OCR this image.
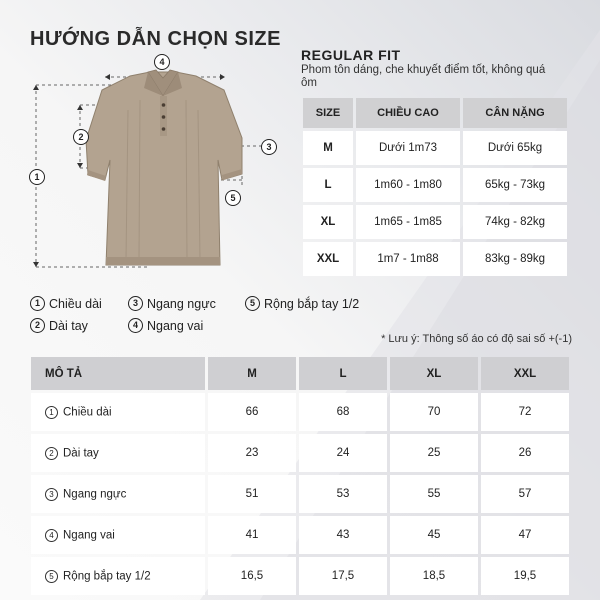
HƯỚNG DẪN CHỌN SIZE
4
1
2
3
5
REGULAR FIT
Phom tôn dáng, che khuyết điểm tốt, không quá ôm
SIZE	CHIỀU CAO	CÂN NẶNG
M	Dưới 1m73	Dưới 65kg
L	1m60 - 1m80	65kg - 73kg
XL	1m65 - 1m85	74kg - 82kg
XXL	1m7 - 1m88	83kg - 89kg
1 Chiều dài
2 Dài tay
3 Ngang ngực
4 Ngang vai
5 Rộng bắp tay 1/2
* Lưu ý: Thông số áo có độ sai số +(-1)
MÔ TẢ	M	L	XL	XXL
1 Chiều dài	66	68	70	72
2 Dài tay	23	24	25	26
3 Ngang ngực	51	53	55	57
4 Ngang vai	41	43	45	47
5 Rộng bắp tay 1/2	16,5	17,5	18,5	19,5
